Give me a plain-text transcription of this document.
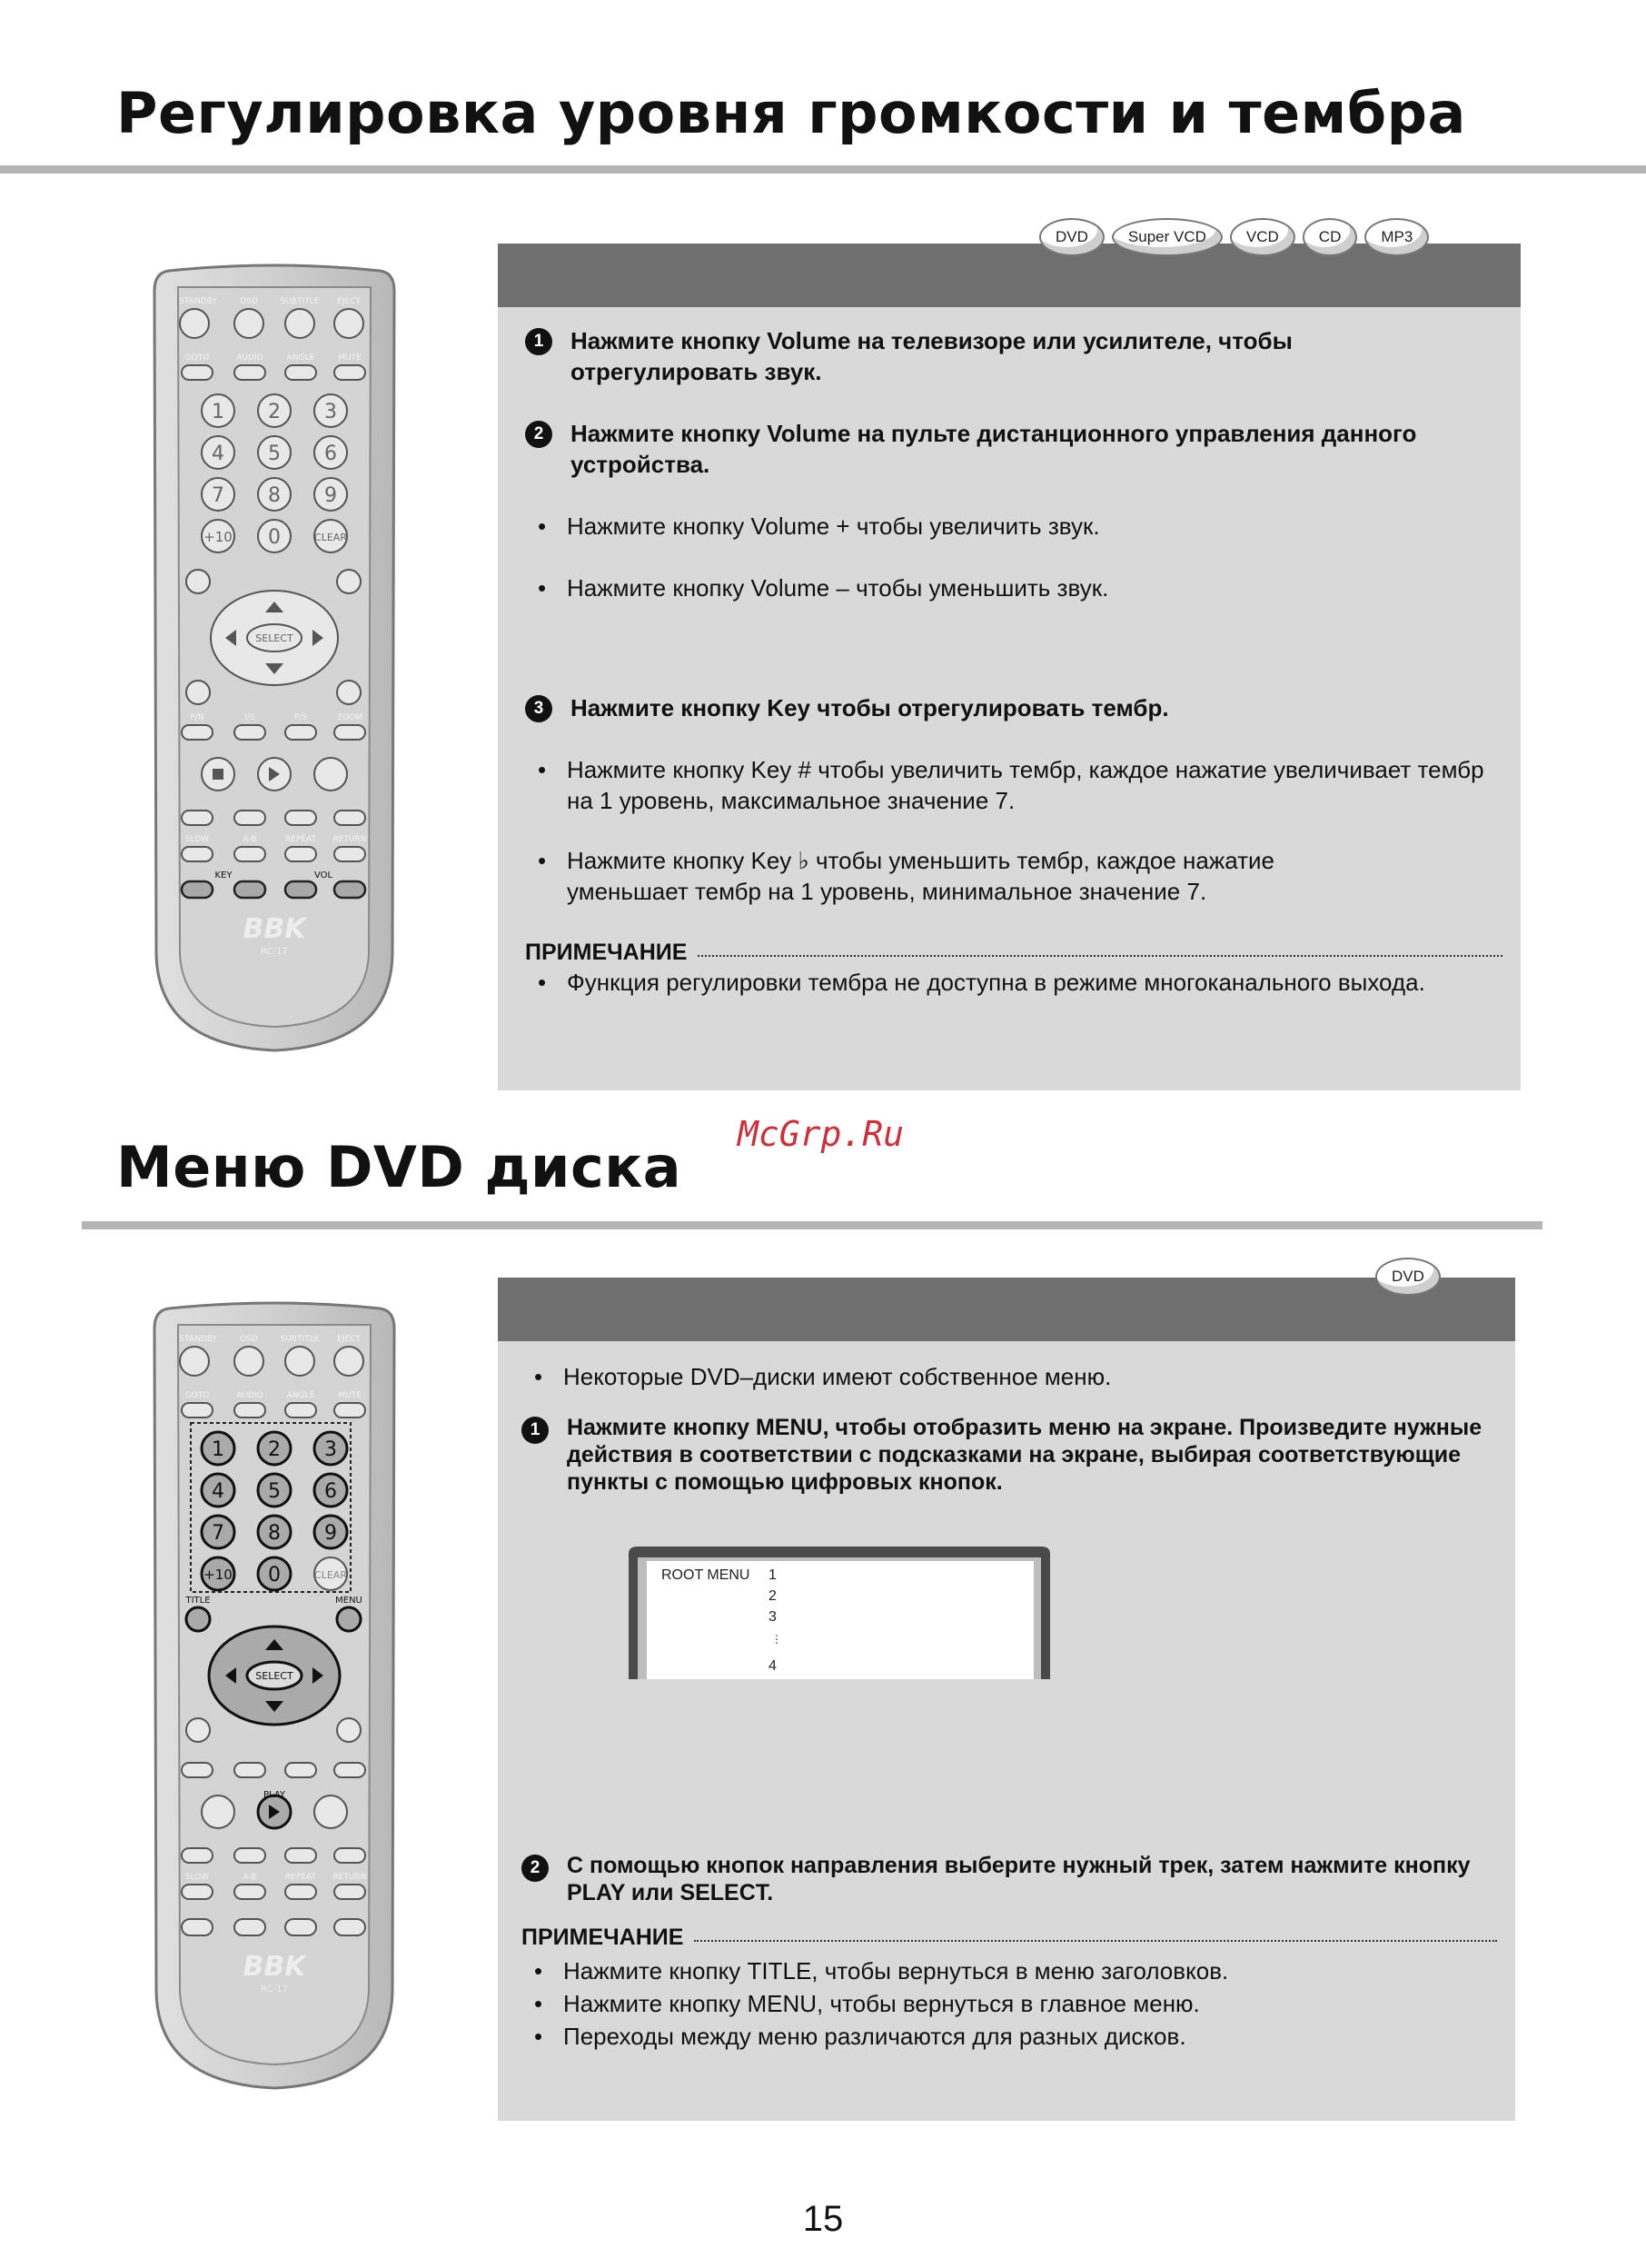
Регулировка уровня громкости и тембра
1 2 3
4 5 6
7 8 9
+10 0	CLEAR
SELECT
STANDBY	OSD	SUBTITLE EJECT
GOTO	AUDIO	ANGLE	MUTE
P/N	I/S	P/S	ZOOM
SLOW	A-B	REPEAT RETURN
KEY	VOL
BBK
RC-17
DVD	Super VCD	VCD	CD	MP3
1	Нажмите кнопку Volume на телевизоре или усилителе, чтобы отрегулировать звук.
2	Нажмите кнопку Volume на пульте дистанционного управления данного устройства.
• Нажмите кнопку Volume + чтобы увеличить звук.
• Нажмите кнопку Volume – чтобы уменьшить звук.
3	Нажмите кнопку Key чтобы отрегулировать тембр.
• Нажмите кнопку Key # чтобы увеличить тембр, каждое нажатие увеличивает тембр на 1 уровень, максимальное значение 7.
• Нажмите кнопку Key ♭ чтобы уменьшить тембр, каждое нажатие уменьшает тембр на 1 уровень, минимальное значение 7.
ПРИМЕЧАНИЕ
• Функция регулировки тембра не доступна в режиме многоканального выхода.
McGrp.Ru
Меню DVD диска
1 2 3
4 5 6
7 8 9
+10 0	CLEAR
SELECT
TITLE	MENU
PLAY
STANDBY	OSD	SUBTITLE EJECT
GOTO	AUDIO	ANGLE	MUTE
SLOW	A-B	REPEAT RETURN
BBK
RC-17
DVD
• Некоторые DVD–диски имеют собственное меню.
1	Нажмите кнопку MENU, чтобы отобразить меню на экране. Произведите нужные действия в соответствии с подсказками на экране, выбирая соответствующие пункты с помощью цифровых кнопок.
2	С помощью кнопок направления выберите нужный трек, затем нажмите кнопку PLAY или SELECT.
ПРИМЕЧАНИЕ
• Нажмите кнопку TITLE, чтобы вернуться в меню заголовков.
• Нажмите кнопку MENU, чтобы вернуться в главное меню.
• Переходы между меню различаются для разных дисков.
ROOT MENU 1
2
3
⋮
4
15
